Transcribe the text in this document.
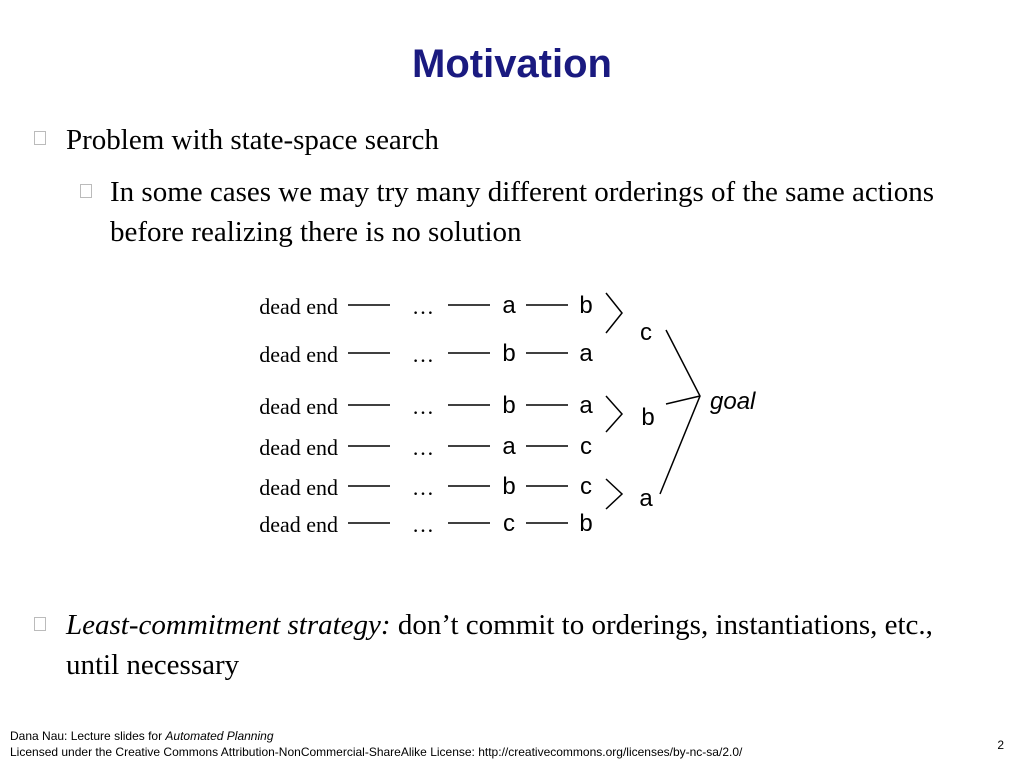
Motivation
Problem with state-space search
In some cases we may try many different orderings of the same actions before realizing there is no solution
dead end	…	a	b
dead end	…	b	a
dead end	…	b	a
dead end	…	a	c
dead end	…	b	c
dead end	…	c	b
c
b
a
goal
Least-commitment strategy: don’t commit to orderings, instantiations, etc., until necessary
Dana Nau: Lecture slides for Automated Planning
Licensed under the Creative Commons Attribution-NonCommercial-ShareAlike License: http://creativecommons.org/licenses/by-nc-sa/2.0/	2
